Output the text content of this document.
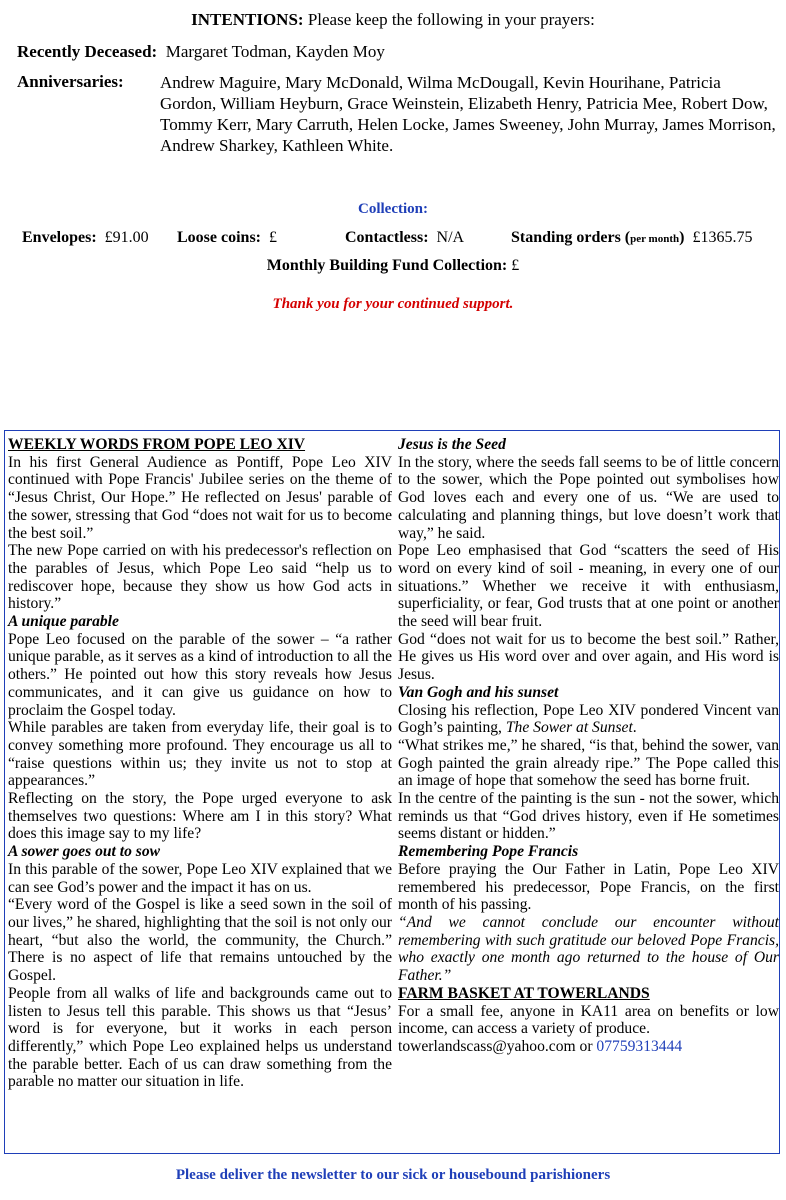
INTENTIONS: Please keep the following in your prayers:
Recently Deceased: Margaret Todman, Kayden Moy
Anniversaries: Andrew Maguire, Mary McDonald, Wilma McDougall, Kevin Hourihane, Patricia Gordon, William Heyburn, Grace Weinstein, Elizabeth Henry, Patricia Mee, Robert Dow, Tommy Kerr, Mary Carruth, Helen Locke, James Sweeney, John Murray, James Morrison, Andrew Sharkey, Kathleen White.
Collection:
Envelopes: £91.00 Loose coins: £	Contactless: N/A	Standing orders (per month) £1365.75
Monthly Building Fund Collection: £
Thank you for your continued support.

WEEKLY WORDS FROM POPE LEO XIV

In his first General Audience as Pontiff, Pope Leo XIV continued with Pope Francis' Jubilee series on the theme of “Jesus Christ, Our Hope.” He reflected on Jesus' parable of the sower, stressing that God “does not wait for us to become the best soil.”

The new Pope carried on with his predecessor's reflection on the parables of Jesus, which Pope Leo said “help us to rediscover hope, because they show us how God acts in history.”

A unique parable

Pope Leo focused on the parable of the sower – “a rather unique parable, as it serves as a kind of introduction to all the others.” He pointed out how this story reveals how Jesus communicates, and it can give us guidance on how to proclaim the Gospel today.

While parables are taken from everyday life, their goal is to convey something more profound. They encourage us all to “raise questions within us; they invite us not to stop at appearances.”

Reflecting on the story, the Pope urged everyone to ask themselves two questions: Where am I in this story? What does this image say to my life?

A sower goes out to sow

In this parable of the sower, Pope Leo XIV explained that we can see God’s power and the impact it has on us.

“Every word of the Gospel is like a seed sown in the soil of our lives,” he shared, highlighting that the soil is not only our heart, “but also the world, the community, the Church.” There is no aspect of life that remains untouched by the Gospel.

People from all walks of life and backgrounds came out to listen to Jesus tell this parable. This shows us that “Jesus’ word is for everyone, but it works in each person differently,” which Pope Leo explained helps us understand the parable better. Each of us can draw something from the parable no matter our situation in life.

Jesus is the Seed

In the story, where the seeds fall seems to be of little concern to the sower, which the Pope pointed out symbolises how God loves each and every one of us. “We are used to calculating and planning things, but love doesn’t work that way,” he said.

Pope Leo emphasised that God “scatters the seed of His word on every kind of soil - meaning, in every one of our situations.” Whether we receive it with enthusiasm, superficiality, or fear, God trusts that at one point or another the seed will bear fruit.

God “does not wait for us to become the best soil.” Rather, He gives us His word over and over again, and His word is Jesus.

Van Gogh and his sunset

Closing his reflection, Pope Leo XIV pondered Vincent van Gogh’s painting, The Sower at Sunset.

“What strikes me,” he shared, “is that, behind the sower, van Gogh painted the grain already ripe.” The Pope called this an image of hope that somehow the seed has borne fruit.

In the centre of the painting is the sun - not the sower, which reminds us that “God drives history, even if He sometimes seems distant or hidden.”

Remembering Pope Francis

Before praying the Our Father in Latin, Pope Leo XIV remembered his predecessor, Pope Francis, on the first month of his passing.

“And we cannot conclude our encounter without remembering with such gratitude our beloved Pope Francis, who exactly one month ago returned to the house of Our Father.”

FARM BASKET AT TOWERLANDS

For a small fee, anyone in KA11 area on benefits or low income, can access a variety of produce.

towerlandscass@yahoo.com or 07759313444

Please deliver the newsletter to our sick or housebound parishioners
